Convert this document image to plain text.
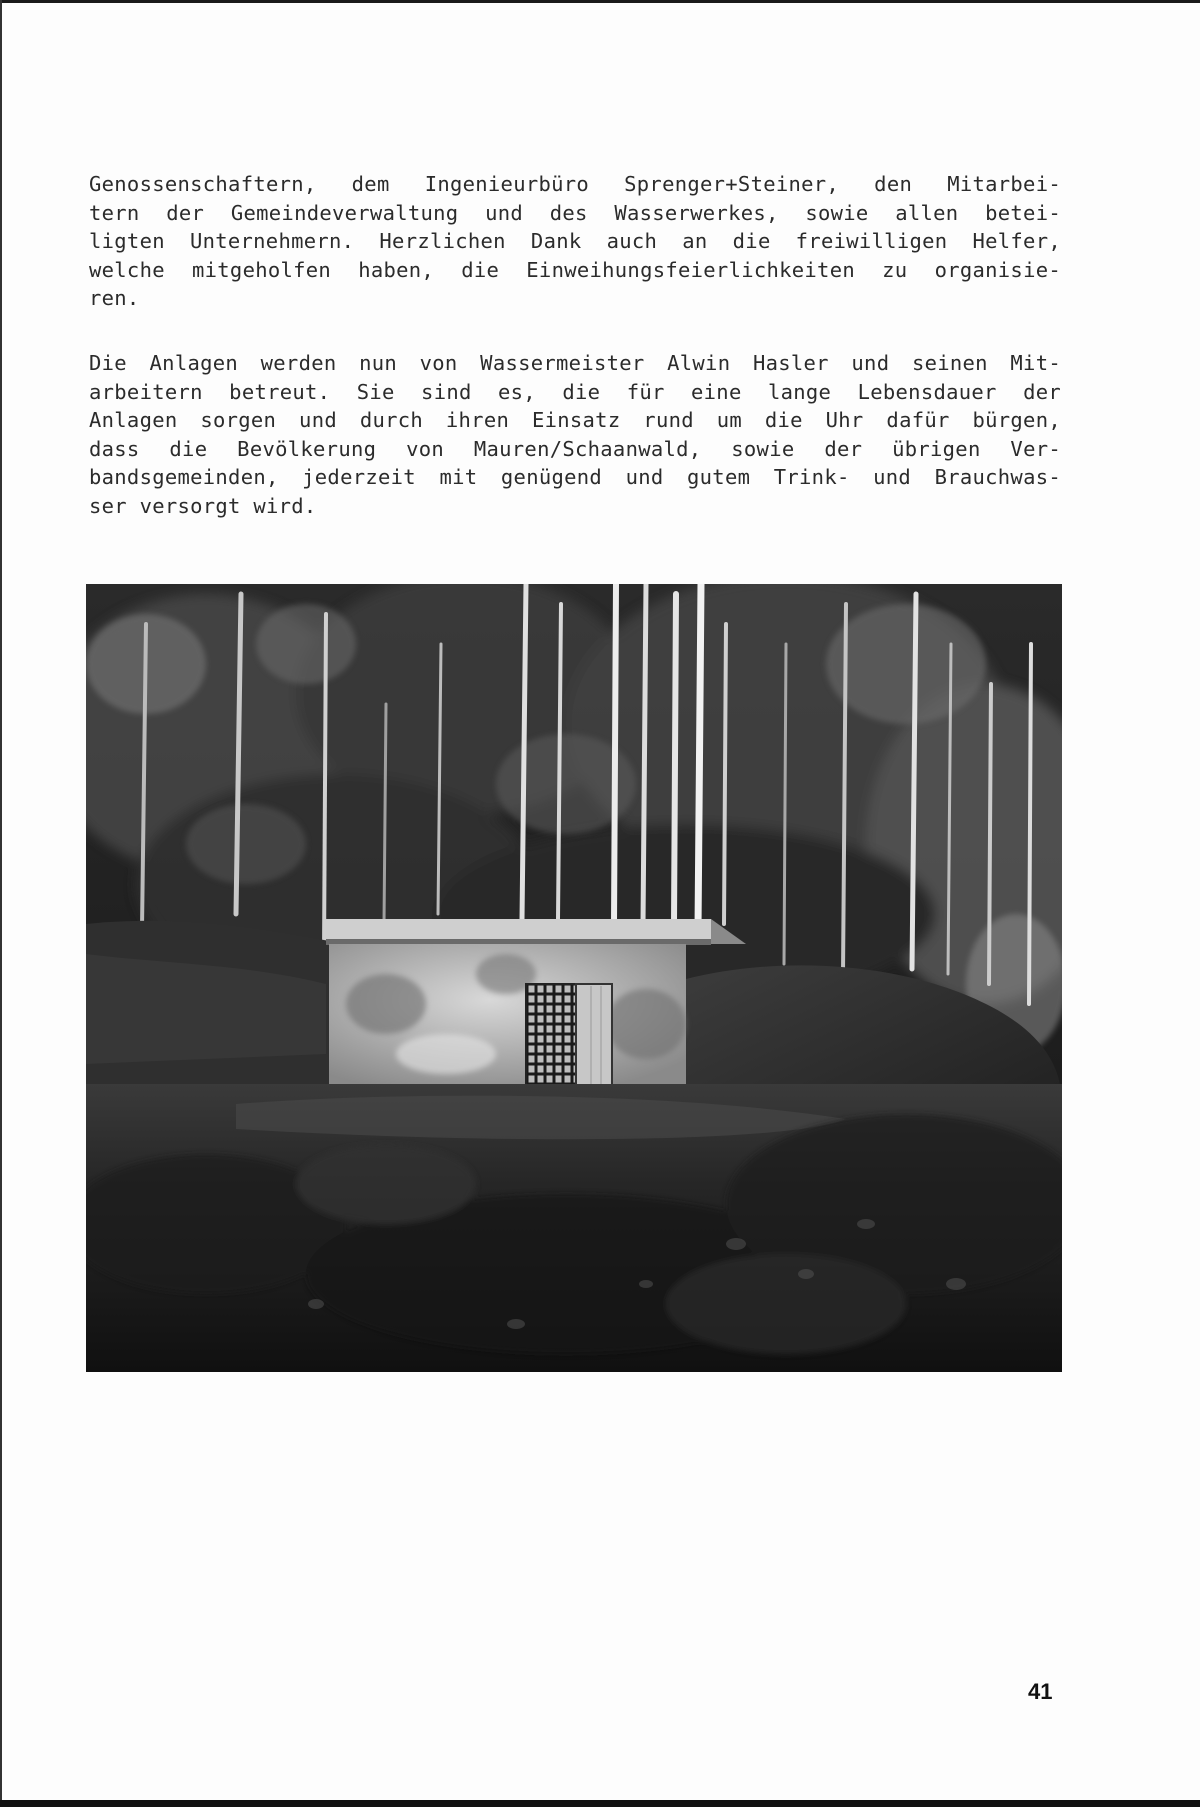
Genossenschaftern, dem Ingenieurbüro Sprenger+Steiner, den Mitarbei-
tern der Gemeindeverwaltung und des Wasserwerkes, sowie allen betei-
ligten Unternehmern. Herzlichen Dank auch an die freiwilligen Helfer,
welche mitgeholfen haben, die Einweihungsfeierlichkeiten zu organisie-
ren.

Die Anlagen werden nun von Wassermeister Alwin Hasler und seinen Mit-
arbeitern betreut. Sie sind es, die für eine lange Lebensdauer der
Anlagen sorgen und durch ihren Einsatz rund um die Uhr dafür bürgen,
dass die Bevölkerung von Mauren/Schaanwald, sowie der übrigen Ver-
bandsgemeinden, jederzeit mit genügend und gutem Trink- und Brauchwas-
ser versorgt wird.

41
